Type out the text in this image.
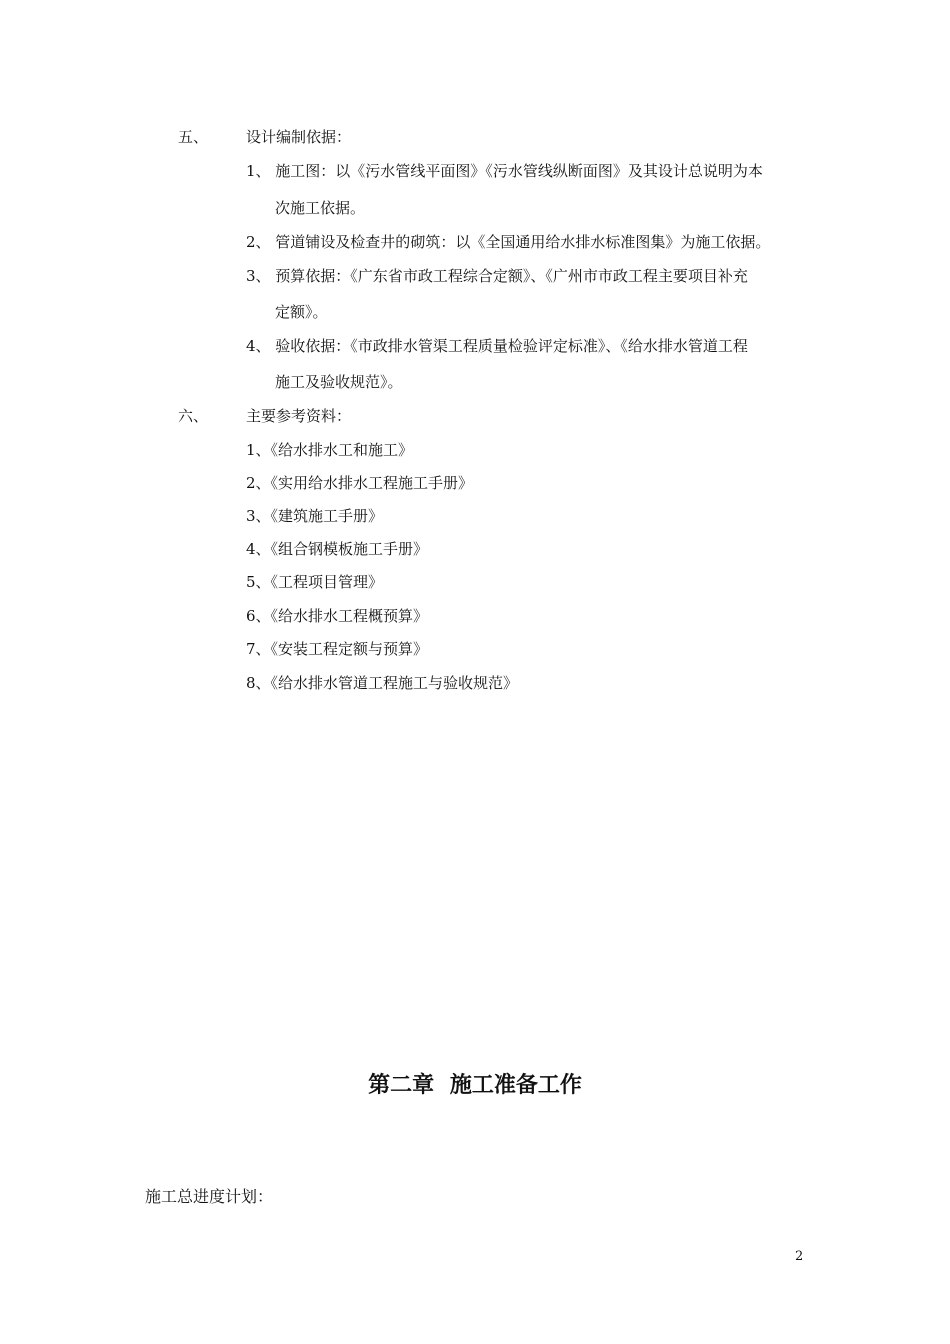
五、	设计编制依据：
1、 施工图：以《污水管线平面图》《污水管线纵断面图》及其设计总说明为本
次施工依据。
2、 管道铺设及检查井的砌筑：以《全国通用给水排水标准图集》为施工依据。
3、 预算依据：《广东省市政工程综合定额》、《广州市市政工程主要项目补充
定额》。
4、 验收依据：《市政排水管渠工程质量检验评定标准》、《给水排水管道工程
施工及验收规范》。
六、	主要参考资料：
1、《给水排水工和施工》
2、《实用给水排水工程施工手册》
3、《建筑施工手册》
4、《组合钢模板施工手册》
5、《工程项目管理》
6、《给水排水工程概预算》
7、《安装工程定额与预算》
8、《给水排水管道工程施工与验收规范》
第二章 施工准备工作
施工总进度计划：
2
